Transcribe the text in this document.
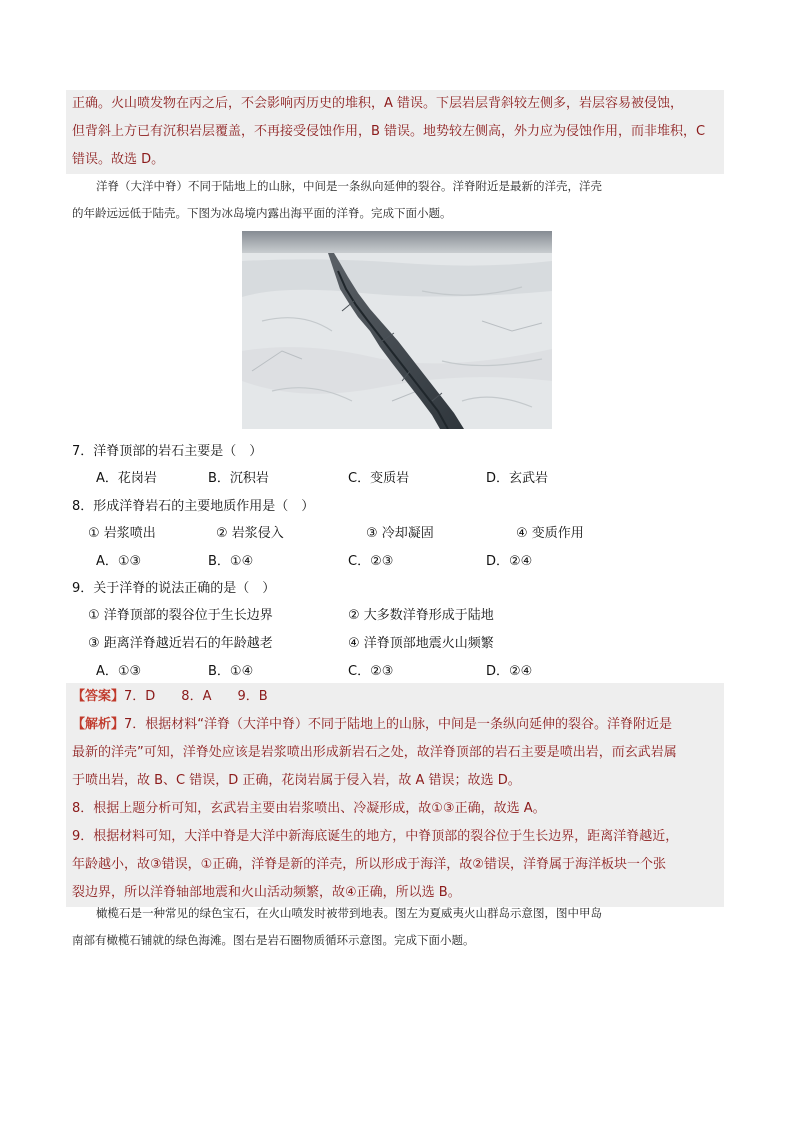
正确。火山喷发物在丙之后，不会影响丙历史的堆积，A 错误。下层岩层背斜较左侧多，岩层容易被侵蚀，
但背斜上方已有沉积岩层覆盖，不再接受侵蚀作用，B 错误。地势较左侧高，外力应为侵蚀作用，而非堆积，C
错误。故选 D。
洋脊（大洋中脊）不同于陆地上的山脉，中间是一条纵向延伸的裂谷。洋脊附近是最新的洋壳，洋壳
的年龄远远低于陆壳。下图为冰岛境内露出海平面的洋脊。完成下面小题。
7．洋脊顶部的岩石主要是（　）
A．花岗岩	B．沉积岩	C．变质岩	D．玄武岩
8．形成洋脊岩石的主要地质作用是（　）
① 岩浆喷出	② 岩浆侵入	③ 冷却凝固	④ 变质作用
A．①③	B．①④	C．②③	D．②④
9．关于洋脊的说法正确的是（　）
① 洋脊顶部的裂谷位于生长边界	② 大多数洋脊形成于陆地
③ 距离洋脊越近岩石的年龄越老	④ 洋脊顶部地震火山频繁
A．①③	B．①④	C．②③	D．②④
【答案】7．D　　8．A　　9．B
【解析】7．根据材料“洋脊（大洋中脊）不同于陆地上的山脉，中间是一条纵向延伸的裂谷。洋脊附近是
最新的洋壳”可知，洋脊处应该是岩浆喷出形成新岩石之处，故洋脊顶部的岩石主要是喷出岩，而玄武岩属
于喷出岩，故 B、C 错误，D 正确，花岗岩属于侵入岩，故 A 错误；故选 D。
8．根据上题分析可知，玄武岩主要由岩浆喷出、冷凝形成，故①③正确，故选 A。
9．根据材料可知，大洋中脊是大洋中新海底诞生的地方，中脊顶部的裂谷位于生长边界，距离洋脊越近，
年龄越小，故③错误，①正确，洋脊是新的洋壳，所以形成于海洋，故②错误，洋脊属于海洋板块一个张
裂边界，所以洋脊轴部地震和火山活动频繁，故④正确，所以选 B。
橄榄石是一种常见的绿色宝石，在火山喷发时被带到地表。图左为夏威夷火山群岛示意图，图中甲岛
南部有橄榄石铺就的绿色海滩。图右是岩石圈物质循环示意图。完成下面小题。
